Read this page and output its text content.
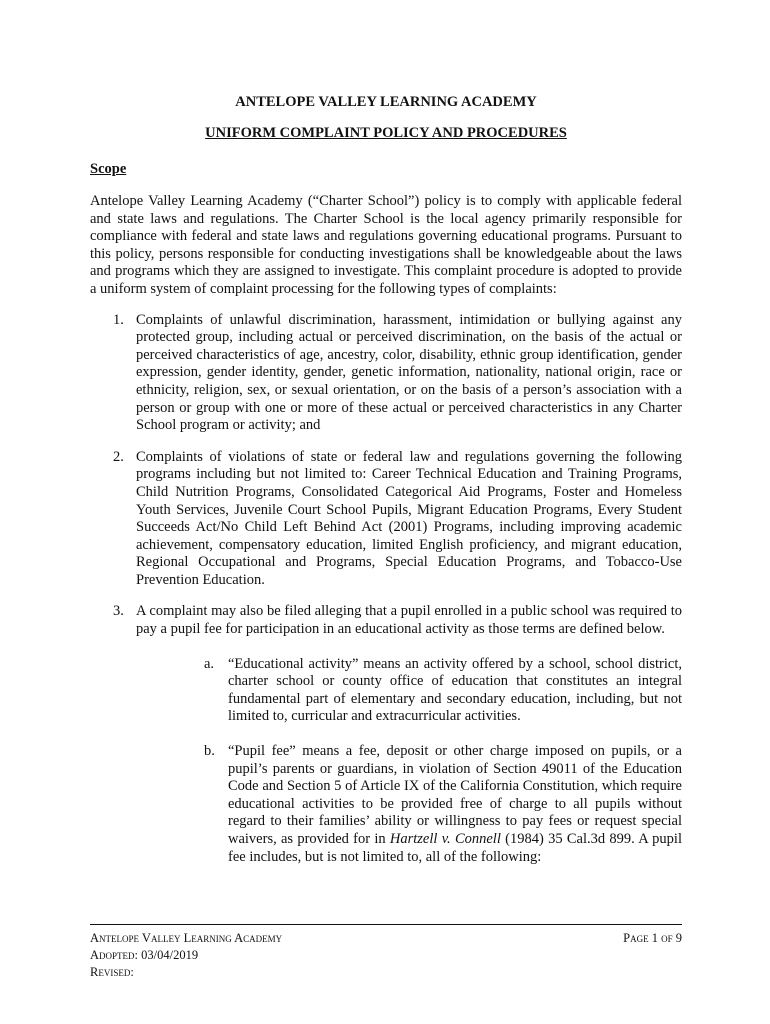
ANTELOPE VALLEY LEARNING ACADEMY

UNIFORM COMPLAINT POLICY AND PROCEDURES

Scope

Antelope Valley Learning Academy (“Charter School”) policy is to comply with applicable federal and state laws and regulations. The Charter School is the local agency primarily responsible for compliance with federal and state laws and regulations governing educational programs. Pursuant to this policy, persons responsible for conducting investigations shall be knowledgeable about the laws and programs which they are assigned to investigate. This complaint procedure is adopted to provide a uniform system of complaint processing for the following types of complaints:

1. Complaints of unlawful discrimination, harassment, intimidation or bullying against any protected group, including actual or perceived discrimination, on the basis of the actual or perceived characteristics of age, ancestry, color, disability, ethnic group identification, gender expression, gender identity, gender, genetic information, nationality, national origin, race or ethnicity, religion, sex, or sexual orientation, or on the basis of a person’s association with a person or group with one or more of these actual or perceived characteristics in any Charter School program or activity; and

2. Complaints of violations of state or federal law and regulations governing the following programs including but not limited to: Career Technical Education and Training Programs, Child Nutrition Programs, Consolidated Categorical Aid Programs, Foster and Homeless Youth Services, Juvenile Court School Pupils, Migrant Education Programs, Every Student Succeeds Act/No Child Left Behind Act (2001) Programs, including improving academic achievement, compensatory education, limited English proficiency, and migrant education, Regional Occupational and Programs, Special Education Programs, and Tobacco-Use Prevention Education.

3. A complaint may also be filed alleging that a pupil enrolled in a public school was required to pay a pupil fee for participation in an educational activity as those terms are defined below.

a. “Educational activity” means an activity offered by a school, school district, charter school or county office of education that constitutes an integral fundamental part of elementary and secondary education, including, but not limited to, curricular and extracurricular activities.

b. “Pupil fee” means a fee, deposit or other charge imposed on pupils, or a pupil’s parents or guardians, in violation of Section 49011 of the Education Code and Section 5 of Article IX of the California Constitution, which require educational activities to be provided free of charge to all pupils without regard to their families’ ability or willingness to pay fees or request special waivers, as provided for in Hartzell v. Connell (1984) 35 Cal.3d 899. A pupil fee includes, but is not limited to, all of the following:

Antelope Valley Learning Academy	Page 1 of 9
Adopted: 03/04/2019
Revised:
